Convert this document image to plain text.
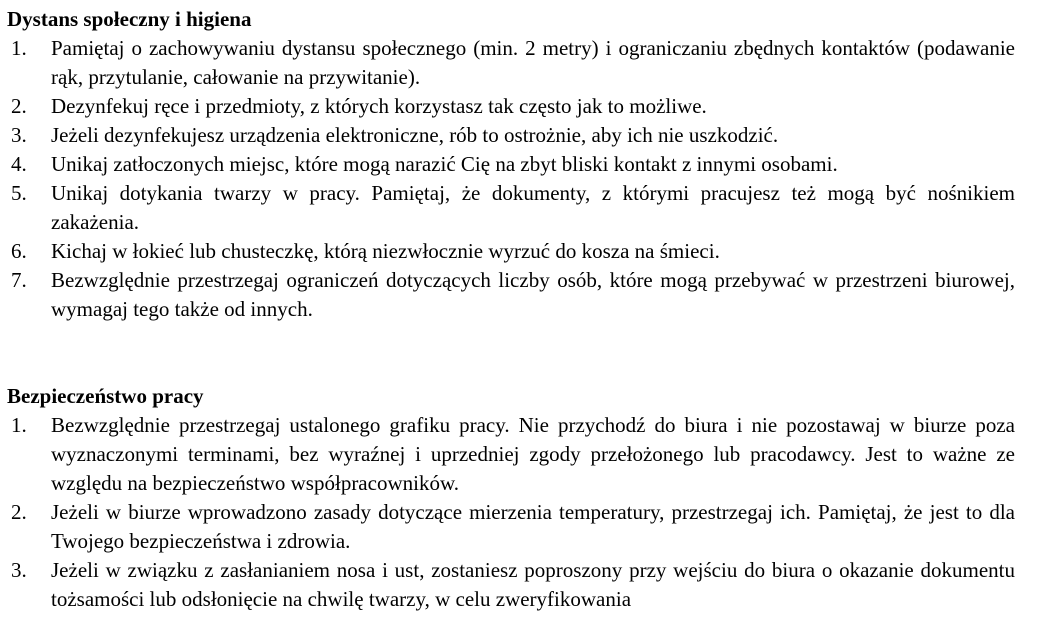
Dystans społeczny i higiena
1.	Pamiętaj o zachowywaniu dystansu społecznego (min. 2 metry) i ograniczaniu zbędnych kontaktów (podawanie rąk, przytulanie, całowanie na przywitanie).
2.	Dezynfekuj ręce i przedmioty, z których korzystasz tak często jak to możliwe.
3.	Jeżeli dezynfekujesz urządzenia elektroniczne, rób to ostrożnie, aby ich nie uszkodzić.
4.	Unikaj zatłoczonych miejsc, które mogą narazić Cię na zbyt bliski kontakt z innymi osobami.
5.	Unikaj dotykania twarzy w pracy. Pamiętaj, że dokumenty, z którymi pracujesz też mogą być nośnikiem zakażenia.
6.	Kichaj w łokieć lub chusteczkę, którą niezwłocznie wyrzuć do kosza na śmieci.
7.	Bezwzględnie przestrzegaj ograniczeń dotyczących liczby osób, które mogą przebywać w przestrzeni biurowej, wymagaj tego także od innych.
Bezpieczeństwo pracy
1.	Bezwzględnie przestrzegaj ustalonego grafiku pracy. Nie przychodź do biura i nie pozostawaj w biurze poza wyznaczonymi terminami, bez wyraźnej i uprzedniej zgody przełożonego lub pracodawcy. Jest to ważne ze względu na bezpieczeństwo współpracowników.
2.	Jeżeli w biurze wprowadzono zasady dotyczące mierzenia temperatury, przestrzegaj ich. Pamiętaj, że jest to dla Twojego bezpieczeństwa i zdrowia.
3.	Jeżeli w związku z zasłanianiem nosa i ust, zostaniesz poproszony przy wejściu do biura o okazanie dokumentu tożsamości lub odsłonięcie na chwilę twarzy, w celu zweryfikowania
